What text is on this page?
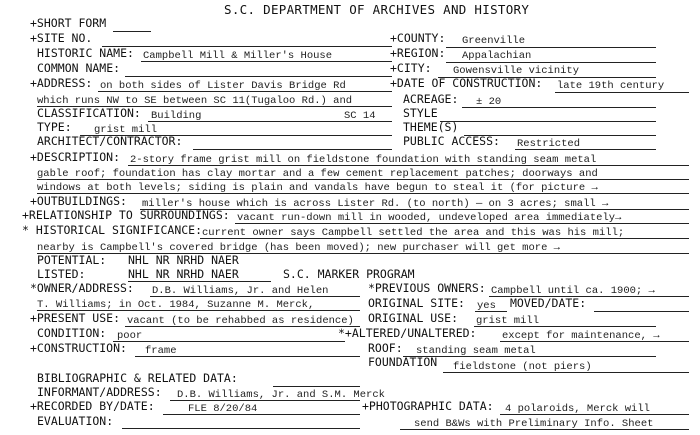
S.C. DEPARTMENT OF ARCHIVES AND HISTORY
+SHORT FORM
+SITE NO.	+COUNTY: Greenville
HISTORIC NAME: Campbell Mill & Miller's House	+REGION: Appalachian
COMMON NAME:	+CITY: Gowensville vicinity
+ADDRESS: on both sides of Lister Davis Bridge Rd	+DATE OF CONSTRUCTION: late 19th century
which runs NW to SE between SC 11(Tugaloo Rd.) and	ACREAGE: ± 20
CLASSIFICATION: Building	SC 14 STYLE
TYPE: grist mill	THEME(S)
ARCHITECT/CONTRACTOR:	PUBLIC ACCESS: Restricted
+DESCRIPTION: 2-story frame grist mill on fieldstone foundation with standing seam metal
gable roof; foundation has clay mortar and a few cement replacement patches; doorways and
windows at both levels; siding is plain and vandals have begun to steal it (for picture →
+OUTBUILDINGS: miller's house which is across Lister Rd. (to north) — on 3 acres; small →
+RELATIONSHIP TO SURROUNDINGS: vacant run-down mill in wooded, undeveloped area immediately→
* HISTORICAL SIGNIFICANCE: current owner says Campbell settled the area and this was his mill;
nearby is Campbell's covered bridge (has been moved); new purchaser will get more →
POTENTIAL: NHL NR NRHD NAER
LISTED:	NHL NR NRHD NAER	S.C. MARKER PROGRAM
*OWNER/ADDRESS: D.B. Williams, Jr. and Helen	*PREVIOUS OWNERS: Campbell until ca. 1900; →
T. Williams; in Oct. 1984, Suzanne M. Merck,	ORIGINAL SITE: yes MOVED/DATE:
+PRESENT USE: vacant (to be rehabbed as residence) ORIGINAL USE: grist mill
CONDITION: poor	*+ALTERED/UNALTERED: except for maintenance, →
+CONSTRUCTION: frame	ROOF: standing seam metal
FOUNDATION fieldstone (not piers)
BIBLIOGRAPHIC & RELATED DATA:
INFORMANT/ADDRESS: D.B. Williams, Jr. and S.M. Merck
+RECORDED BY/DATE:	FLE 8/20/84	+PHOTOGRAPHIC DATA: 4 polaroids, Merck will
EVALUATION:	send B&Ws with Preliminary Info. Sheet
